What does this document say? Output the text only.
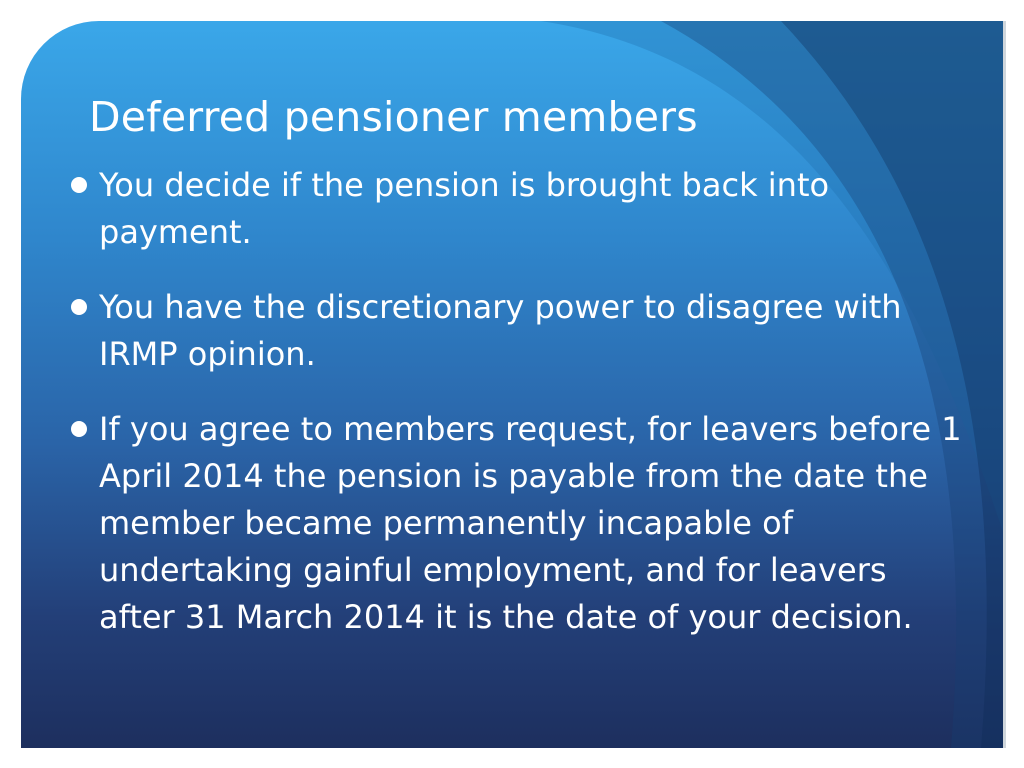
Deferred pensioner members
You decide if the pension is brought back into payment.
You have the discretionary power to disagree with IRMP opinion.
If you agree to members request, for leavers before 1 April 2014 the pension is payable from the date the member became permanently incapable of undertaking gainful employment, and for leavers after 31 March 2014 it is the date of your decision.
